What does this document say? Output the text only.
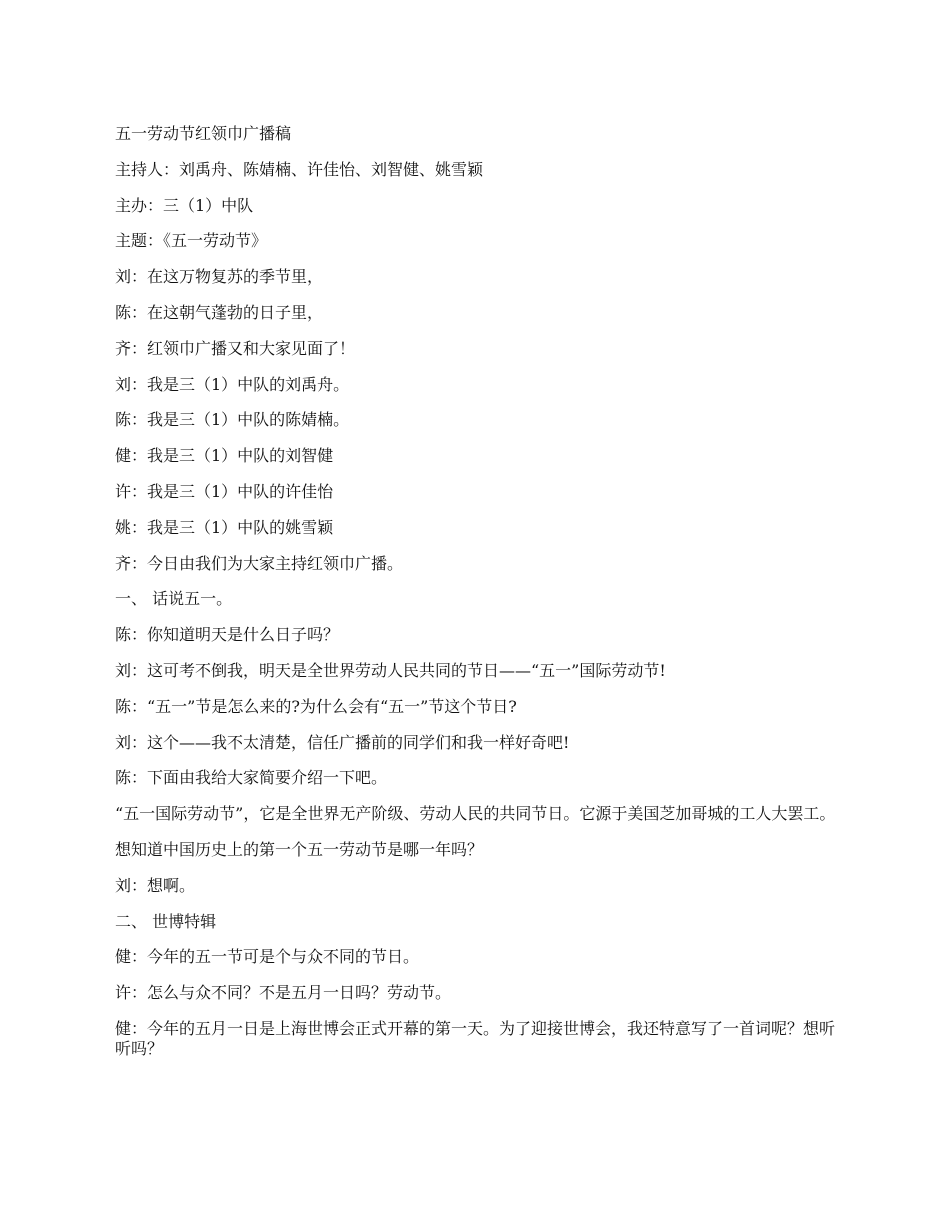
五一劳动节红领巾广播稿

主持人：刘禹舟、陈婧楠、许佳怡、刘智健、姚雪颖

主办：三（1）中队

主题：《五一劳动节》

刘：在这万物复苏的季节里，

陈：在这朝气蓬勃的日子里，

齐：红领巾广播又和大家见面了！

刘：我是三（1）中队的刘禹舟。

陈：我是三（1）中队的陈婧楠。

健：我是三（1）中队的刘智健

许：我是三（1）中队的许佳怡

姚：我是三（1）中队的姚雪颖

齐：今日由我们为大家主持红领巾广播。

一、 话说五一。

陈：你知道明天是什么日子吗？

刘：这可考不倒我，明天是全世界劳动人民共同的节日——“五一”国际劳动节!

陈：“五一”节是怎么来的?为什么会有“五一”节这个节日?

刘：这个——我不太清楚，信任广播前的同学们和我一样好奇吧!

陈：下面由我给大家简要介绍一下吧。

“五一国际劳动节”，它是全世界无产阶级、劳动人民的共同节日。它源于美国芝加哥城的工人大罢工。

想知道中国历史上的第一个五一劳动节是哪一年吗？

刘：想啊。

二、 世博特辑

健：今年的五一节可是个与众不同的节日。

许：怎么与众不同？不是五月一日吗？劳动节。

健：今年的五月一日是上海世博会正式开幕的第一天。为了迎接世博会，我还特意写了一首词呢？想听听吗？
